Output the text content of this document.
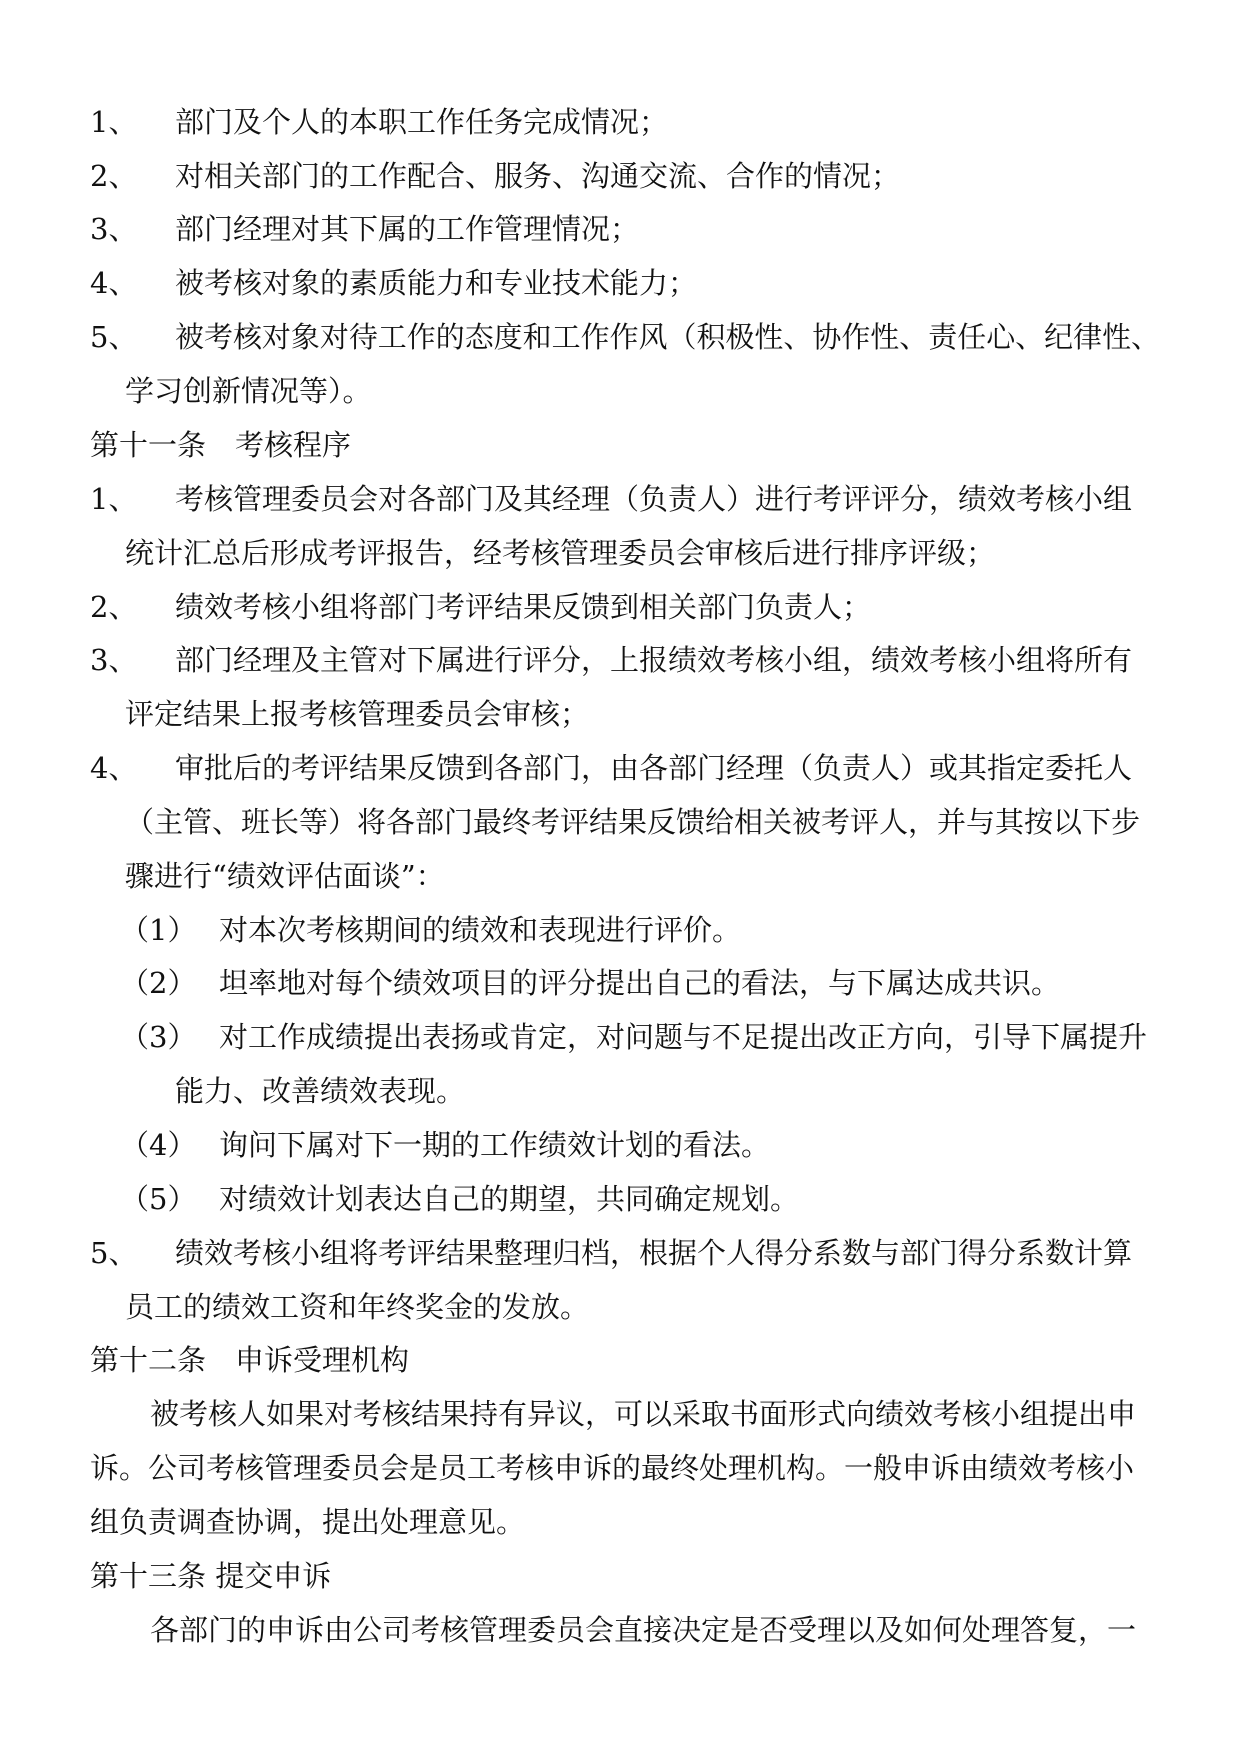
1、 部门及个人的本职工作任务完成情况；
2、 对相关部门的工作配合、服务、沟通交流、合作的情况；
3、 部门经理对其下属的工作管理情况；
4、 被考核对象的素质能力和专业技术能力；
5、 被考核对象对待工作的态度和工作作风（积极性、协作性、责任心、纪律性、
学习创新情况等）。
第十一条　考核程序
1、 考核管理委员会对各部门及其经理（负责人）进行考评评分，绩效考核小组
统计汇总后形成考评报告，经考核管理委员会审核后进行排序评级；
2、 绩效考核小组将部门考评结果反馈到相关部门负责人；
3、 部门经理及主管对下属进行评分，上报绩效考核小组，绩效考核小组将所有
评定结果上报考核管理委员会审核；
4、 审批后的考评结果反馈到各部门，由各部门经理（负责人）或其指定委托人
（主管、班长等）将各部门最终考评结果反馈给相关被考评人，并与其按以下步
骤进行“绩效评估面谈”：
（1） 对本次考核期间的绩效和表现进行评价。
（2） 坦率地对每个绩效项目的评分提出自己的看法，与下属达成共识。
（3） 对工作成绩提出表扬或肯定，对问题与不足提出改正方向，引导下属提升
能力、改善绩效表现。
（4） 询问下属对下一期的工作绩效计划的看法。
（5） 对绩效计划表达自己的期望，共同确定规划。
5、 绩效考核小组将考评结果整理归档，根据个人得分系数与部门得分系数计算
员工的绩效工资和年终奖金的发放。
第十二条　申诉受理机构
被考核人如果对考核结果持有异议，可以采取书面形式向绩效考核小组提出申
诉。公司考核管理委员会是员工考核申诉的最终处理机构。一般申诉由绩效考核小
组负责调查协调，提出处理意见。
第十三条 提交申诉
各部门的申诉由公司考核管理委员会直接决定是否受理以及如何处理答复，一
